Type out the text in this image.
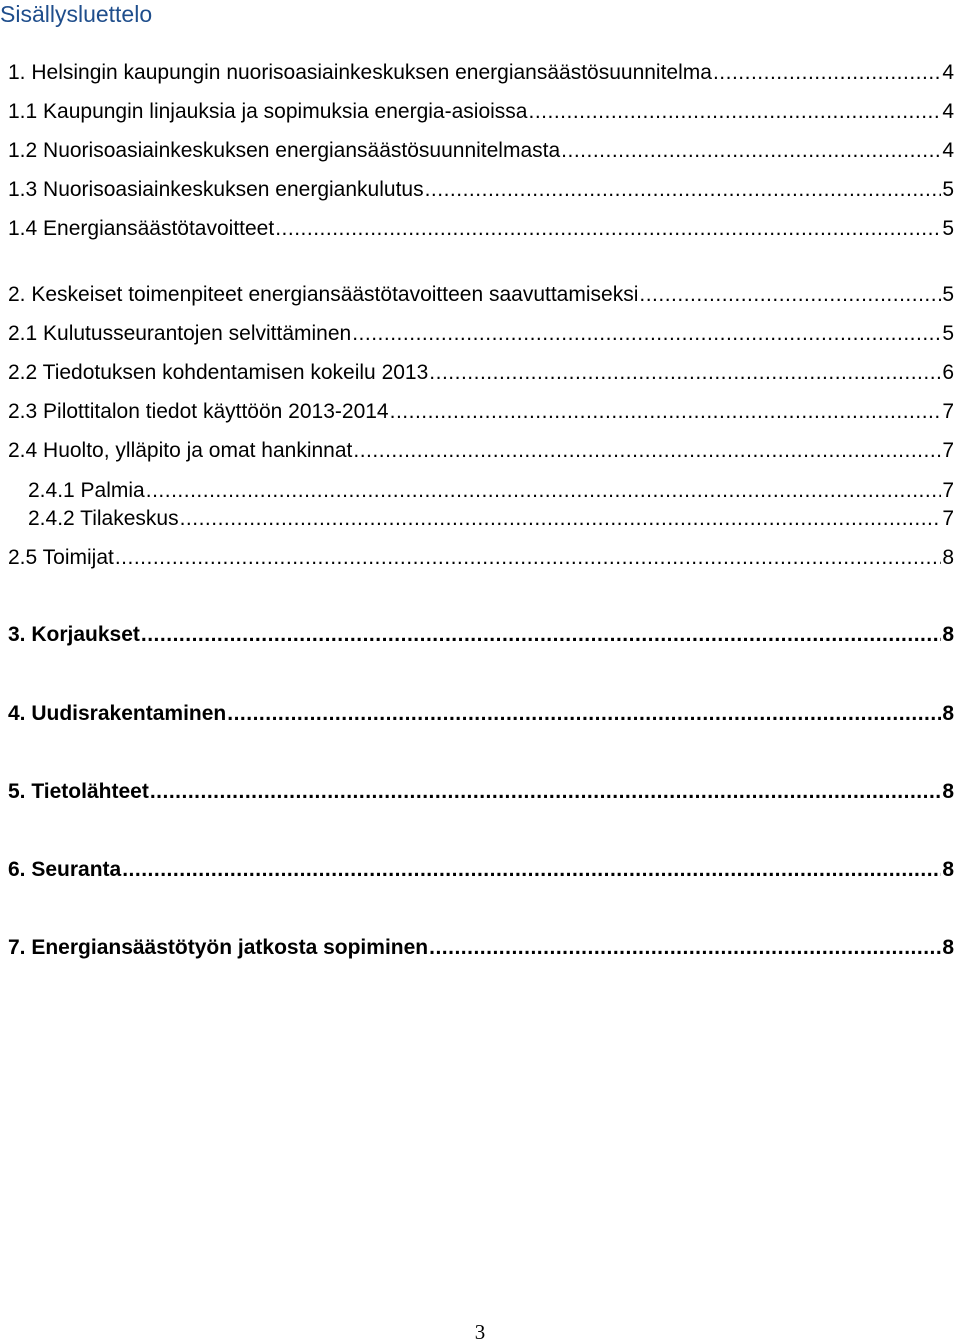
Sisällysluettelo
1. Helsingin kaupungin nuorisoasiainkeskuksen energiansäästösuunnitelma .....	4
1.1 Kaupungin linjauksia ja sopimuksia energia-asioissa .....	4
1.2 Nuorisoasiainkeskuksen energiansäästösuunnitelmasta .....	4
1.3 Nuorisoasiainkeskuksen energiankulutus .....	5
1.4 Energiansäästötavoitteet .....	5
2. Keskeiset toimenpiteet energiansäästötavoitteen saavuttamiseksi .....	5
2.1 Kulutusseurantojen selvittäminen .....	5
2.2 Tiedotuksen kohdentamisen kokeilu 2013 .....	6
2.3 Pilottitalon tiedot käyttöön 2013-2014 .....	7
2.4 Huolto, ylläpito ja omat hankinnat .....	7
2.4.1 Palmia .....	7
2.4.2 Tilakeskus .....	7
2.5 Toimijat .....	8
3. Korjaukset .....	8
4. Uudisrakentaminen .....	8
5. Tietolähteet .....	8
6. Seuranta .....	8
7. Energiansäästötyön jatkosta sopiminen .....	8
3
